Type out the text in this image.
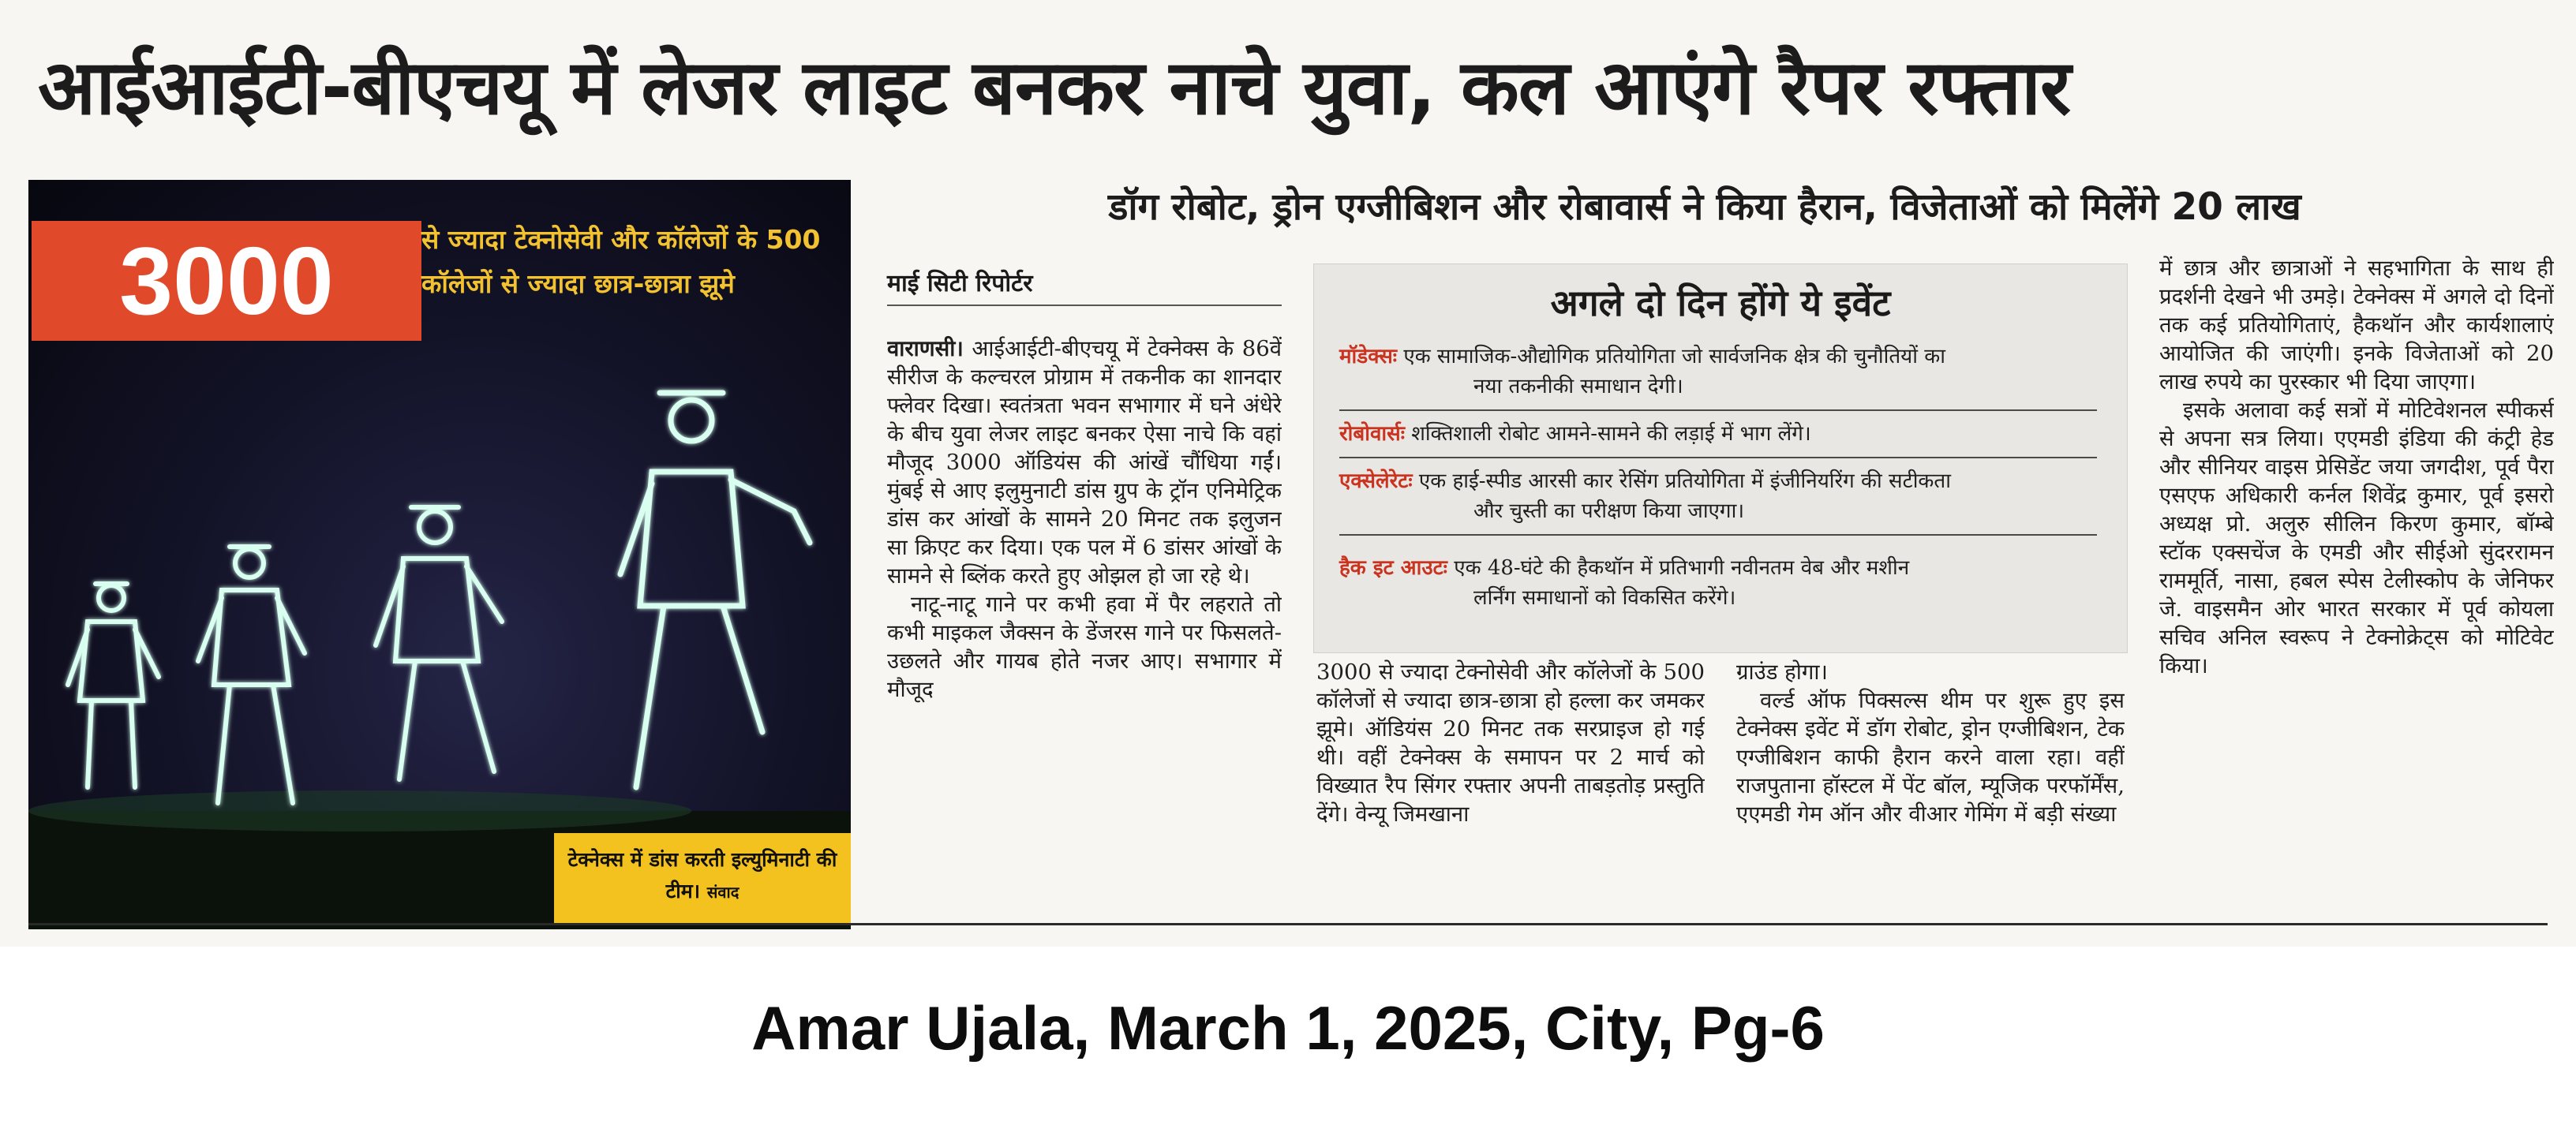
आईआईटी-बीएचयू में लेजर लाइट बनकर नाचे युवा, कल आएंगे रैपर रफ्तार
3000	से ज्यादा टेक्नोसेवी और कॉलेजों के 500 कॉलेजों से ज्यादा छात्र-छात्रा झूमे
टेक्नेक्स में डांस करती इल्युमिनाटी की टीम। संवाद
डॉग रोबोट, ड्रोन एग्जीबिशन और रोबावार्स ने किया हैरान, विजेताओं को मिलेंगे 20 लाख
माई सिटी रिपोर्टर

वाराणसी। आईआईटी-बीएचयू में टेक्नेक्स के 86वें सीरीज के कल्चरल प्रोग्राम में तकनीक का शानदार फ्लेवर दिखा। स्वतंत्रता भवन सभागार में घने अंधेरे के बीच युवा लेजर लाइट बनकर ऐसा नाचे कि वहां मौजूद 3000 ऑडियंस की आंखें चौंधिया गईं। मुंबई से आए इलुमुनाटी डांस ग्रुप के ट्रॉन एनिमेट्रिक डांस कर आंखों के सामने 20 मिनट तक इलुजन सा क्रिएट कर दिया। एक पल में 6 डांसर आंखों के सामने से ब्लिंक करते हुए ओझल हो जा रहे थे।

नाटू-नाटू गाने पर कभी हवा में पैर लहराते तो कभी माइकल जैक्सन के डेंजरस गाने पर फिसलते-उछलते और गायब होते नजर आए। सभागार में मौजूद

अगले दो दिन होंगे ये इवेंट
मॉडेक्सः एक सामाजिक-औद्योगिक प्रतियोगिता जो सार्वजनिक क्षेत्र की चुनौतियों का
नया तकनीकी समाधान देगी।
रोबोवार्सः शक्तिशाली रोबोट आमने-सामने की लड़ाई में भाग लेंगे।
एक्सेलेरेटः एक हाई-स्पीड आरसी कार रेसिंग प्रतियोगिता में इंजीनियरिंग की सटीकता
और चुस्ती का परीक्षण किया जाएगा।
हैक इट आउटः एक 48-घंटे की हैकथॉन में प्रतिभागी नवीनतम वेब और मशीन
लर्निंग समाधानों को विकसित करेंगे।

3000 से ज्यादा टेक्नोसेवी और कॉलेजों के 500 कॉलेजों से ज्यादा छात्र-छात्रा हो हल्ला कर जमकर झूमे। ऑडियंस 20 मिनट तक सरप्राइज हो गई थी। वहीं टेक्नेक्स के समापन पर 2 मार्च को विख्यात रैप सिंगर रफ्तार अपनी ताबड़तोड़ प्रस्तुति देंगे। वेन्यू जिमखाना

ग्राउंड होगा।

वर्ल्ड ऑफ पिक्सल्स थीम पर शुरू हुए इस टेक्नेक्स इवेंट में डॉग रोबोट, ड्रोन एग्जीबिशन, टेक एग्जीबिशन काफी हैरान करने वाला रहा। वहीं राजपुताना हॉस्टल में पेंट बॉल, म्यूजिक परफॉर्मेंस, एएमडी गेम ऑन और वीआर गेमिंग में बड़ी संख्या

में छात्र और छात्राओं ने सहभागिता के साथ ही प्रदर्शनी देखने भी उमड़े। टेक्नेक्स में अगले दो दिनों तक कई प्रतियोगिताएं, हैकथॉन और कार्यशालाएं आयोजित की जाएंगी। इनके विजेताओं को 20 लाख रुपये का पुरस्कार भी दिया जाएगा।

इसके अलावा कई सत्रों में मोटिवेशनल स्पीकर्स से अपना सत्र लिया। एएमडी इंडिया की कंट्री हेड और सीनियर वाइस प्रेसिडेंट जया जगदीश, पूर्व पैरा एसएफ अधिकारी कर्नल शिवेंद्र कुमार, पूर्व इसरो अध्यक्ष प्रो. अलुरु सीलिन किरण कुमार, बॉम्बे स्टॉक एक्सचेंज के एमडी और सीईओ सुंदररामन राममूर्ति, नासा, हबल स्पेस टेलीस्कोप के जेनिफर जे. वाइसमैन ओर भारत सरकार में पूर्व कोयला सचिव अनिल स्वरूप ने टेक्नोक्रेट्स को मोटिवेट किया।

Amar Ujala, March 1, 2025, City, Pg-6
